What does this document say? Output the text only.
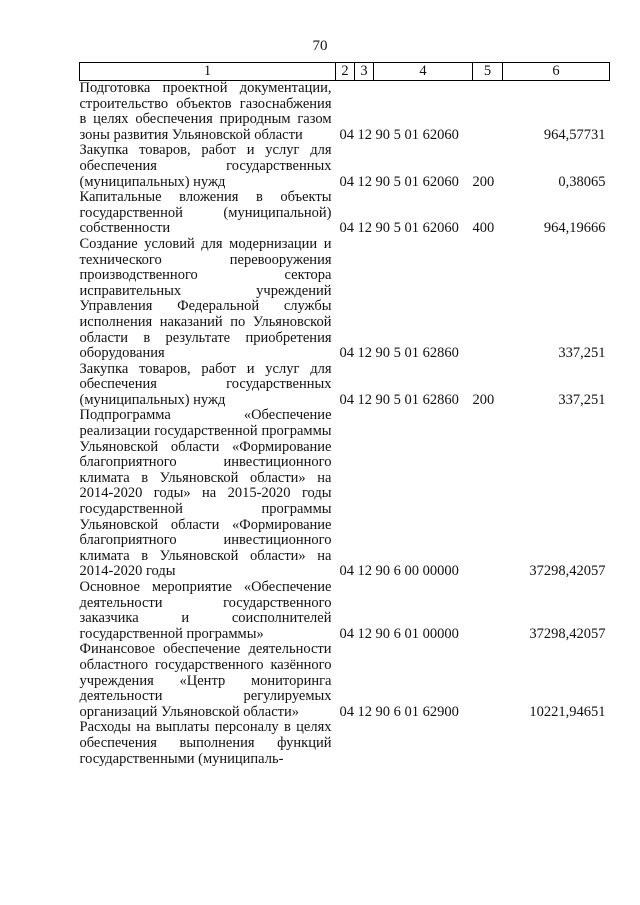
70
1	2	3	4	5	6
Подготовка проектной документации, строительство объектов газоснабжения в целях обеспечения природным газом зоны развития Ульяновской области	04	12	90 5 01 62060		964,57731
Закупка товаров, работ и услуг для обеспечения государственных (муниципальных) нужд	04	12	90 5 01 62060	200	0,38065
Капитальные вложения в объекты государственной (муниципальной) собственности	04	12	90 5 01 62060	400	964,19666
Создание условий для модернизации и технического перевооружения производственного сектора исправительных учреждений Управления Федеральной службы исполнения наказаний по Ульяновской области в результате приобретения оборудования	04	12	90 5 01 62860		337,251
Закупка товаров, работ и услуг для обеспечения государственных (муниципальных) нужд	04	12	90 5 01 62860	200	337,251
Подпрограмма «Обеспечение реализации государственной программы Ульяновской области «Формирование благоприятного инвестиционного климата в Ульяновской области» на 2014-2020 годы» на 2015-2020 годы государственной программы Ульяновской области «Формирование благоприятного инвестиционного климата в Ульяновской области» на 2014-2020 годы	04	12	90 6 00 00000		37298,42057
Основное мероприятие «Обеспечение деятельности государственного заказчика и соисполнителей государственной программы»	04	12	90 6 01 00000		37298,42057
Финансовое обеспечение деятельности областного государственного казённого учреждения «Центр мониторинга деятельности регулируемых организаций Ульяновской области»	04	12	90 6 01 62900		10221,94651
Расходы на выплаты персоналу в целях обеспечения выполнения функций государственными (муниципаль-					
